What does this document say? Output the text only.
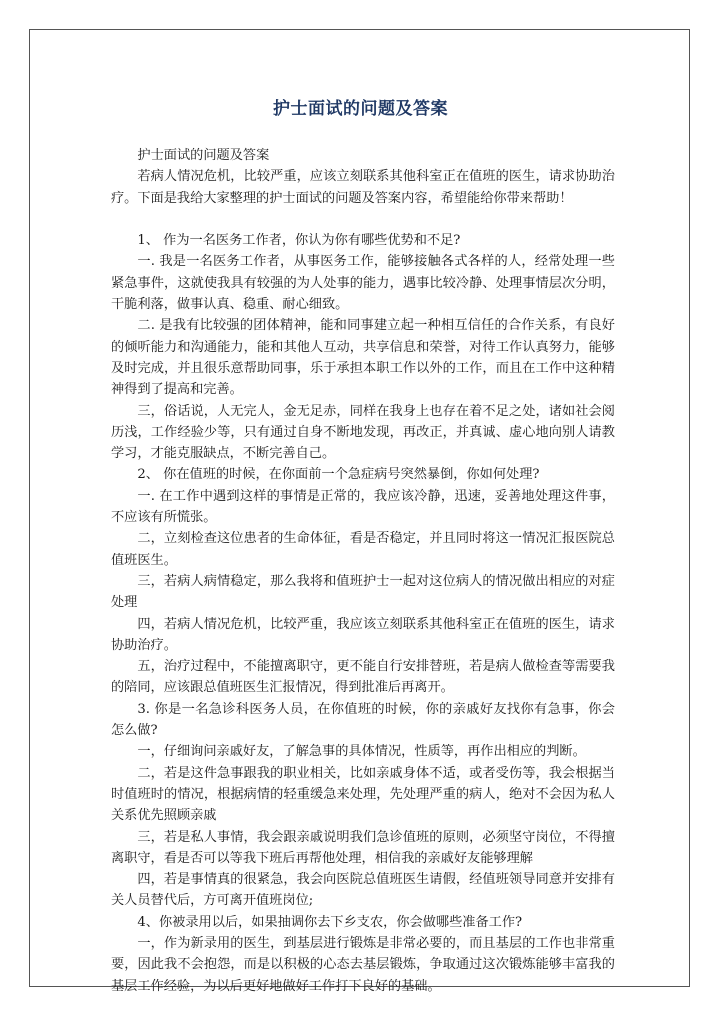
护士面试的问题及答案

护士面试的问题及答案

若病人情况危机，比较严重，应该立刻联系其他科室正在值班的医生，请求协助治疗。下面是我给大家整理的护士面试的问题及答案内容，希望能给你带来帮助！

1、 作为一名医务工作者，你认为你有哪些优势和不足?

一. 我是一名医务工作者，从事医务工作，能够接触各式各样的人，经常处理一些紧急事件，这就使我具有较强的为人处事的能力，遇事比较冷静、处理事情层次分明，干脆利落，做事认真、稳重、耐心细致。

二. 是我有比较强的团体精神，能和同事建立起一种相互信任的合作关系，有良好的倾听能力和沟通能力，能和其他人互动，共享信息和荣誉，对待工作认真努力，能够及时完成，并且很乐意帮助同事，乐于承担本职工作以外的工作，而且在工作中这种精神得到了提高和完善。

三，俗话说，人无完人，金无足赤，同样在我身上也存在着不足之处，诸如社会阅历浅，工作经验少等，只有通过自身不断地发现，再改正，并真诚、虚心地向别人请教学习，才能克服缺点，不断完善自己。

2、 你在值班的时候，在你面前一个急症病号突然暴倒，你如何处理?

一. 在工作中遇到这样的事情是正常的，我应该冷静，迅速，妥善地处理这件事，不应该有所慌张。

二，立刻检查这位患者的生命体征，看是否稳定，并且同时将这一情况汇报医院总值班医生。

三，若病人病情稳定，那么我将和值班护士一起对这位病人的情况做出相应的对症处理

四，若病人情况危机，比较严重，我应该立刻联系其他科室正在值班的医生，请求协助治疗。

五，治疗过程中，不能擅离职守，更不能自行安排替班，若是病人做检查等需要我的陪同，应该跟总值班医生汇报情况，得到批准后再离开。

3. 你是一名急诊科医务人员，在你值班的时候，你的亲戚好友找你有急事，你会怎么做?

一，仔细询问亲戚好友，了解急事的具体情况，性质等，再作出相应的判断。

二，若是这件急事跟我的职业相关，比如亲戚身体不适，或者受伤等，我会根据当时值班时的情况，根据病情的轻重缓急来处理，先处理严重的病人，绝对不会因为私人关系优先照顾亲戚

三，若是私人事情，我会跟亲戚说明我们急诊值班的原则，必须坚守岗位，不得擅离职守，看是否可以等我下班后再帮他处理，相信我的亲戚好友能够理解

四，若是事情真的很紧急，我会向医院总值班医生请假，经值班领导同意并安排有关人员替代后，方可离开值班岗位;

4、你被录用以后，如果抽调你去下乡支农，你会做哪些准备工作?

一，作为新录用的医生，到基层进行锻炼是非常必要的，而且基层的工作也非常重要，因此我不会抱怨，而是以积极的心态去基层锻炼，争取通过这次锻炼能够丰富我的基层工作经验，为以后更好地做好工作打下良好的基础。
